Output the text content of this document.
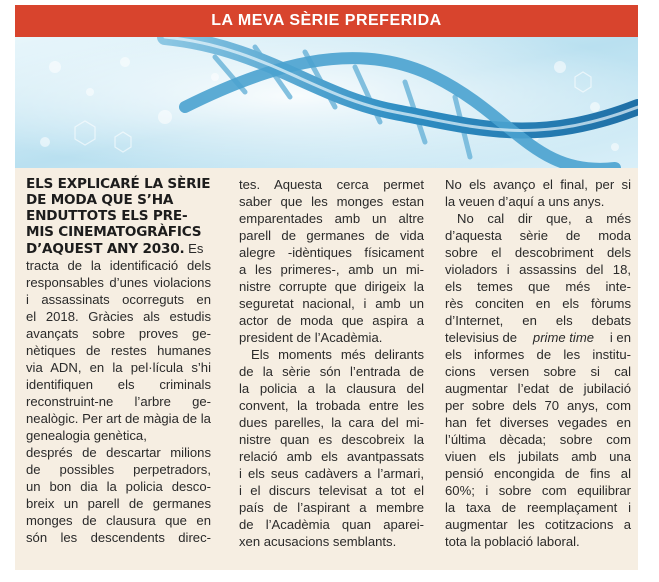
LA MEVA SÈRIE PREFERIDA
ELS EXPLICARÉ LA SÈRIE
DE MODA QUE S’HA
ENDUTTOTS ELS PRE-
MIS CINEMATOGRÀFICS
D’AQUEST ANY 2030. Es
tracta de la identificació dels
responsables d’unes violacions
i assassinats ocorreguts en
el 2018. Gràcies als estudis
avançats sobre proves ge-
nètiques de restes humanes
via ADN, en la pel·lícula s’hi
identifiquen els criminals
reconstruint-ne l’arbre ge-
nealògic. Per art de màgia de la genealogia genètica,
després de descartar milions
de possibles perpetradors,
un bon dia la policia desco-
breix un parell de germanes
monges de clausura que en
són les descendents direc-
tes. Aquesta cerca permet
saber que les monges estan
emparentades amb un altre
parell de germanes de vida
alegre -idèntiques físicament
a les primeres-, amb un mi-
nistre corrupte que dirigeix la
seguretat nacional, i amb un
actor de moda que aspira a
president de l’Acadèmia.
Els moments més delirants
de la sèrie són l’entrada de
la policia a la clausura del
convent, la trobada entre les
dues parelles, la cara del mi-
nistre quan es descobreix la
relació amb els avantpassats
i els seus cadàvers a l’armari,
i el discurs televisat a tot el
país de l’aspirant a membre
de l’Acadèmia quan aparei-
xen acusacions semblants.
No els avanço el final, per si
la veuen d’aquí a uns anys.
No cal dir que, a més
d’aquesta sèrie de moda
sobre el descobriment dels
violadors i assassins del 18,
els temes que més inte-
rès conciten en els fòrums
d’Internet, en els debats
televisius de prime time i en
els informes de les institu-
cions versen sobre si cal
augmentar l’edat de jubilació
per sobre dels 70 anys, com
han fet diverses vegades en
l’última dècada; sobre com
viuen els jubilats amb una
pensió encongida de fins al
60%; i sobre com equilibrar
la taxa de reemplaçament i
augmentar les cotitzacions a
tota la població laboral.
